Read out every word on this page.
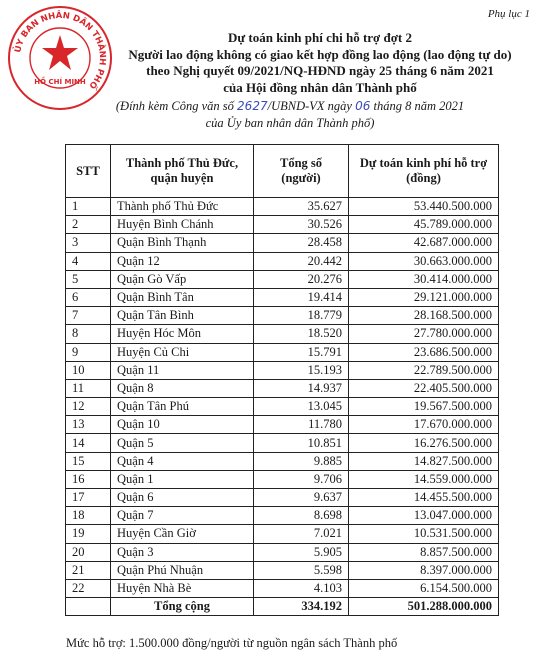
Phụ lục 1
ỦY BAN NHÂN DÂN THÀNH PHỐ
HỒ CHÍ MINH
Dự toán kinh phí chi hỗ trợ đợt 2
Người lao động không có giao kết hợp đồng lao động (lao động tự do)
theo Nghị quyết 09/2021/NQ-HĐND ngày 25 tháng 6 năm 2021
của Hội đồng nhân dân Thành phố
(Đính kèm Công văn số 2627/UBND-VX ngày 06 tháng 8 năm 2021
của Ủy ban nhân dân Thành phố)
STT	Thành phố Thủ Đức, quận huyện	Tổng số (người)	Dự toán kinh phí hỗ trợ (đồng)
1	Thành phố Thủ Đức	35.627	53.440.500.000
2	Huyện Bình Chánh	30.526	45.789.000.000
3	Quận Bình Thạnh	28.458	42.687.000.000
4	Quận 12	20.442	30.663.000.000
5	Quận Gò Vấp	20.276	30.414.000.000
6	Quận Bình Tân	19.414	29.121.000.000
7	Quận Tân Bình	18.779	28.168.500.000
8	Huyện Hóc Môn	18.520	27.780.000.000
9	Huyện Củ Chi	15.791	23.686.500.000
10	Quận 11	15.193	22.789.500.000
11	Quận 8	14.937	22.405.500.000
12	Quận Tân Phú	13.045	19.567.500.000
13	Quận 10	11.780	17.670.000.000
14	Quận 5	10.851	16.276.500.000
15	Quận 4	9.885	14.827.500.000
16	Quận 1	9.706	14.559.000.000
17	Quận 6	9.637	14.455.500.000
18	Quận 7	8.698	13.047.000.000
19	Huyện Cần Giờ	7.021	10.531.500.000
20	Quận 3	5.905	8.857.500.000
21	Quận Phú Nhuận	5.598	8.397.000.000
22	Huyện Nhà Bè	4.103	6.154.500.000
	Tổng cộng	334.192	501.288.000.000
Mức hỗ trợ: 1.500.000 đồng/người từ nguồn ngân sách Thành phố
